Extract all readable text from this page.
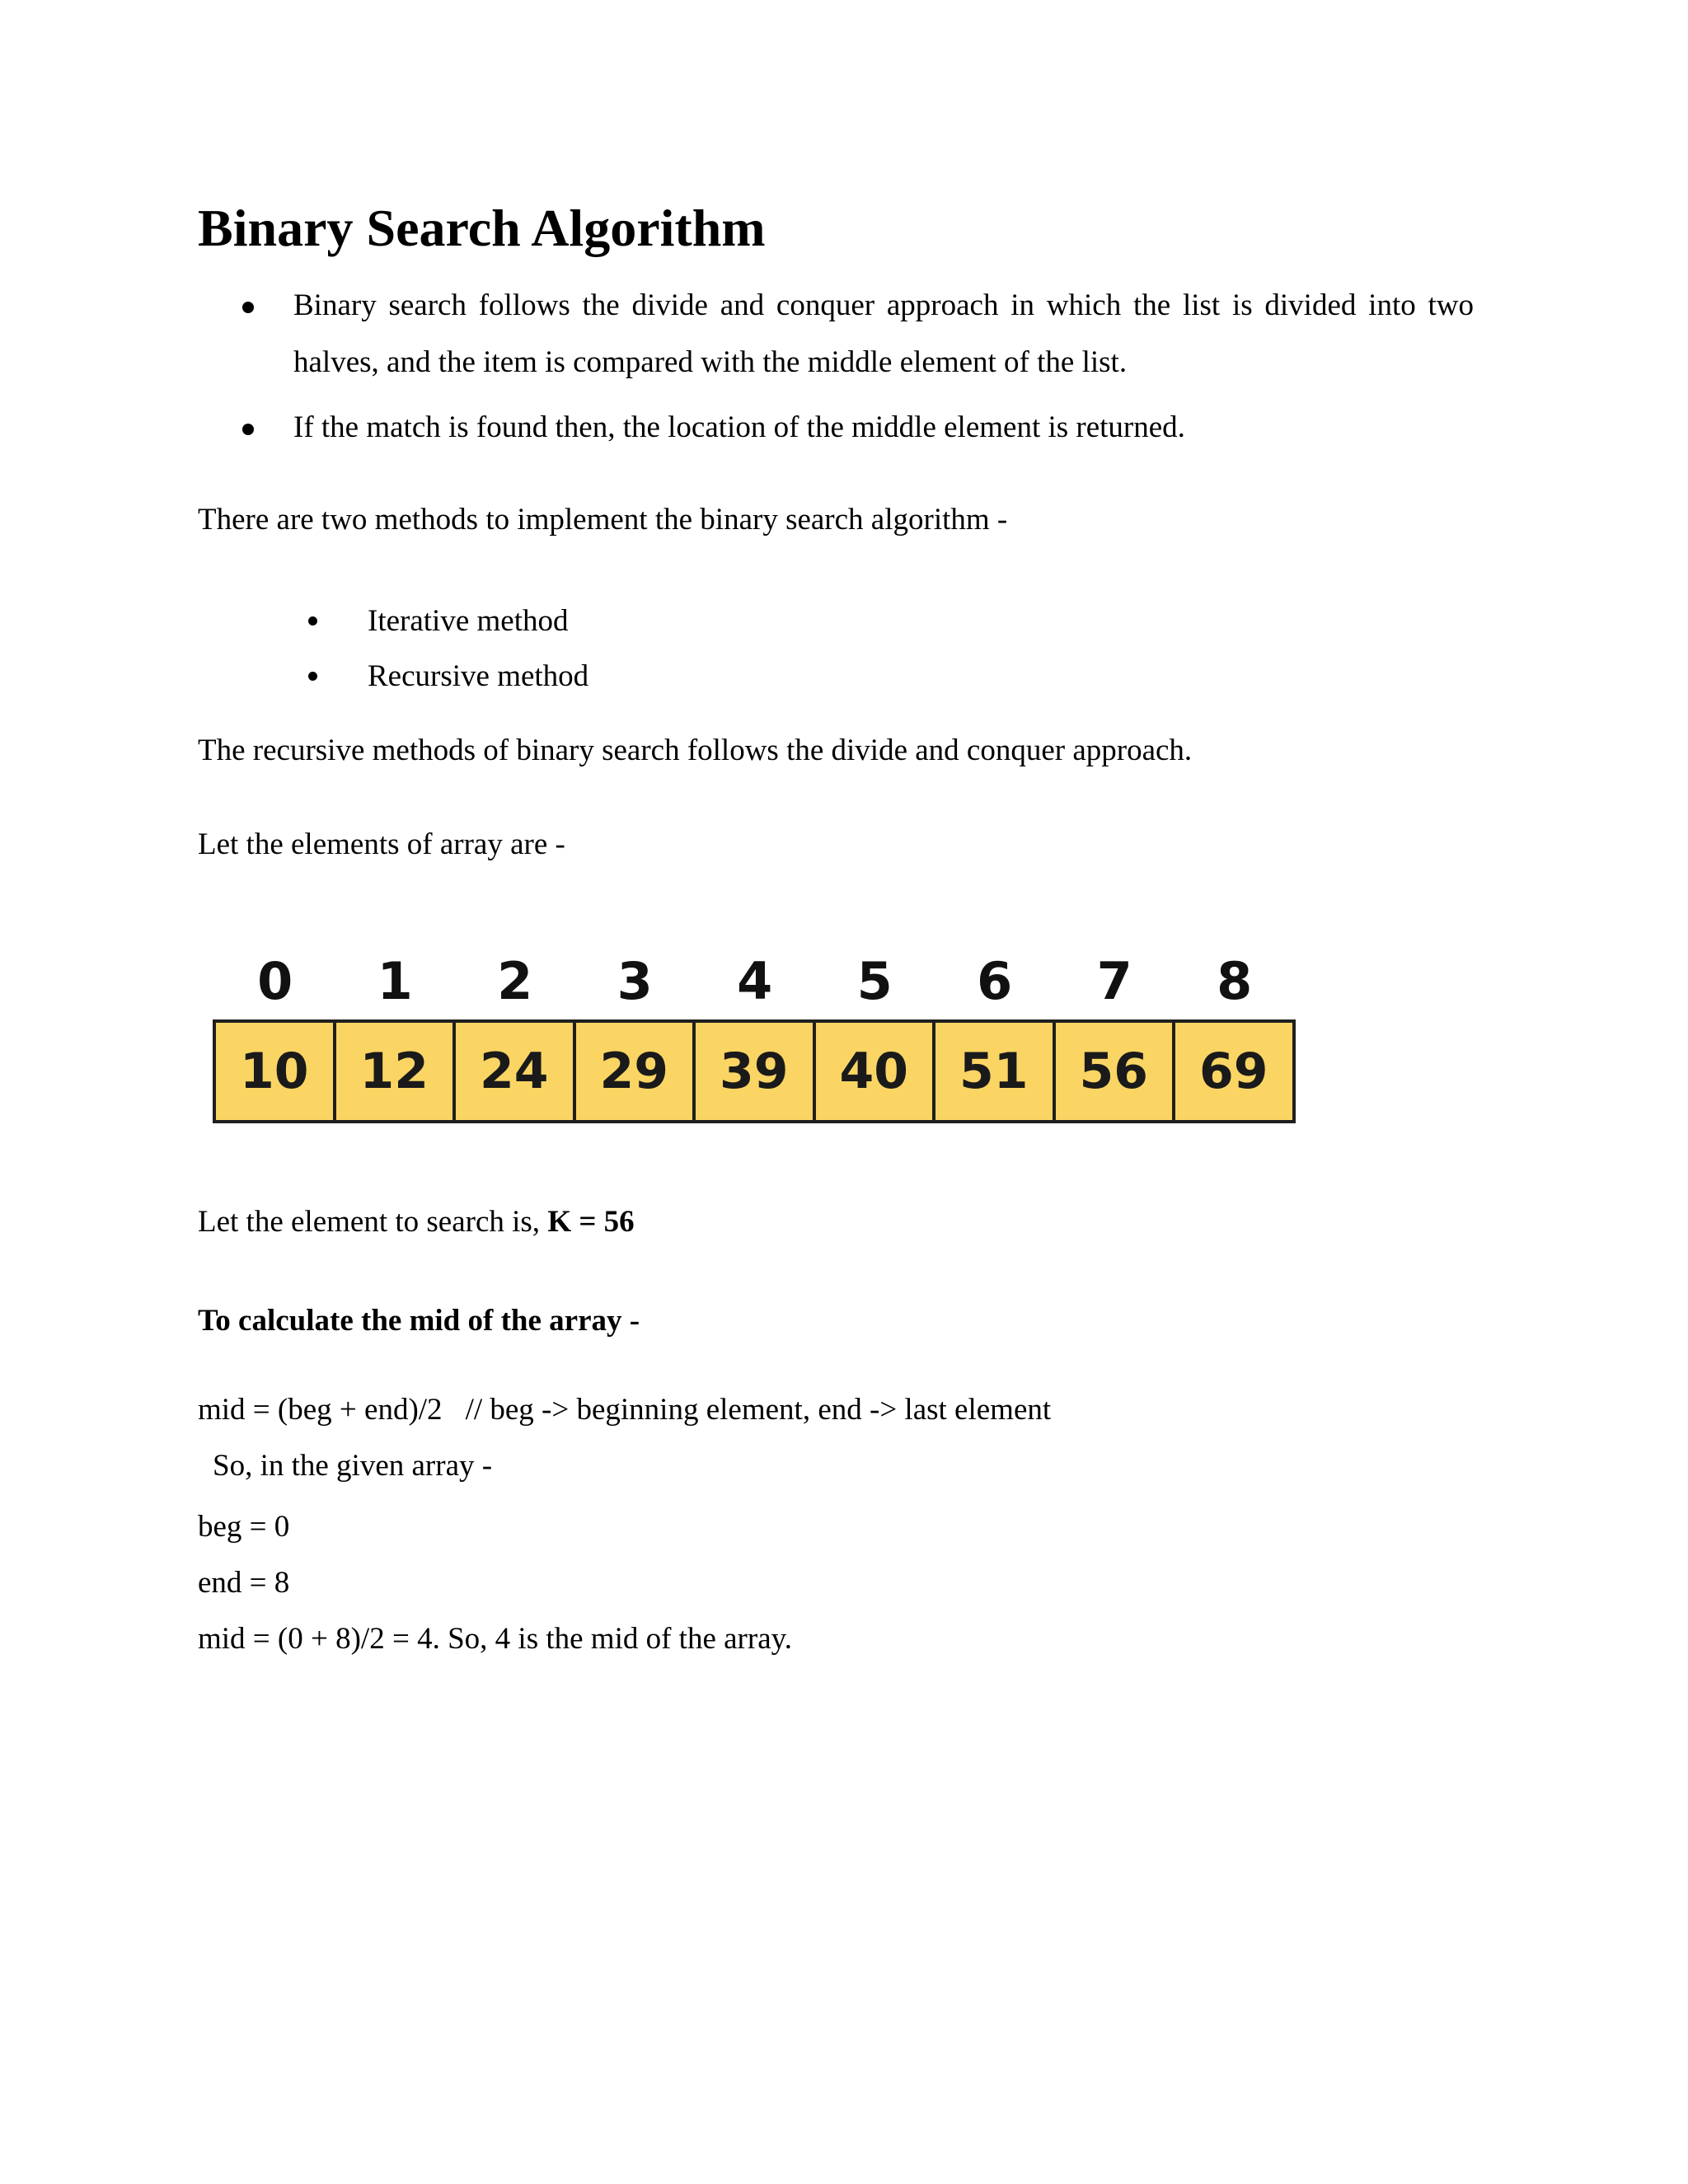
Binary Search Algorithm
Binary search follows the divide and conquer approach in which the list is divided into two halves, and the item is compared with the middle element of the list.
If the match is found then, the location of the middle element is returned.

There are two methods to implement the binary search algorithm -

Iterative method
Recursive method

The recursive methods of binary search follows the divide and conquer approach.

Let the elements of array are -

0	1	2	3	4	5	6	7	8
10	12	24	29	39	40	51	56	69

Let the element to search is, K = 56

To calculate the mid of the array -

mid = (beg + end)/2 // beg -> beginning element, end -> last element

So, in the given array -

beg = 0

end = 8

mid = (0 + 8)/2 = 4. So, 4 is the mid of the array.
